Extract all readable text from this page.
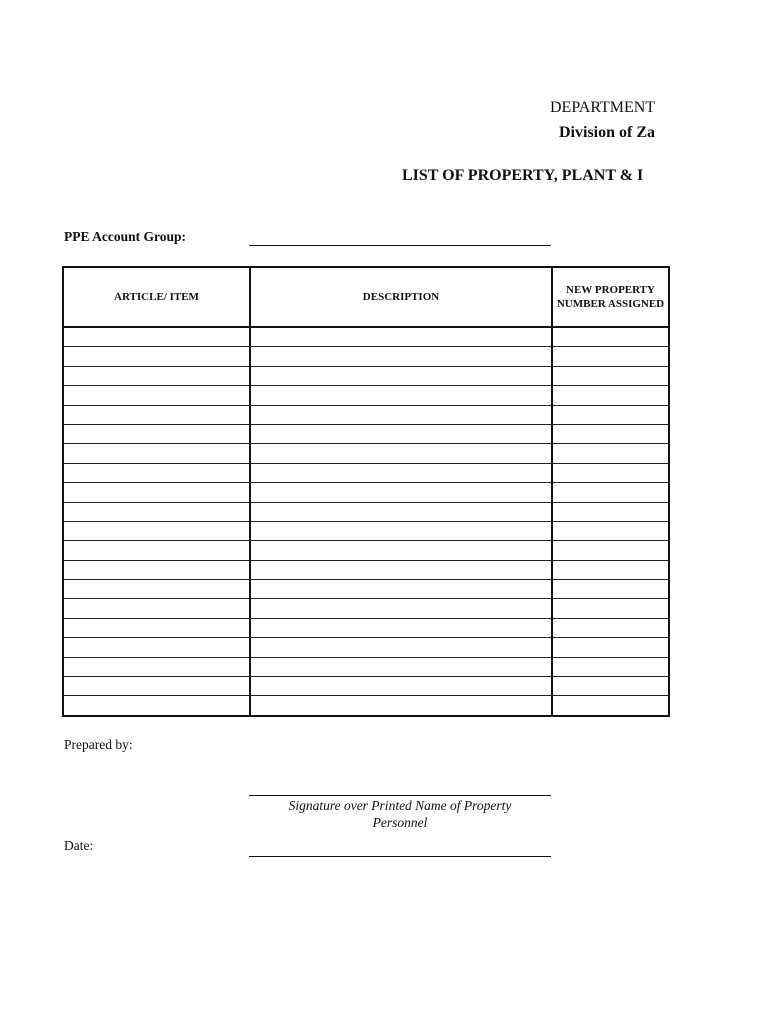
DEPARTMENT
Division of Za
LIST OF PROPERTY, PLANT & I
PPE Account Group:
ARTICLE/ ITEM	DESCRIPTION	NEW PROPERTY
NUMBER ASSIGNED

Prepared by:
Signature over Printed Name of Property
Personnel
Date:
